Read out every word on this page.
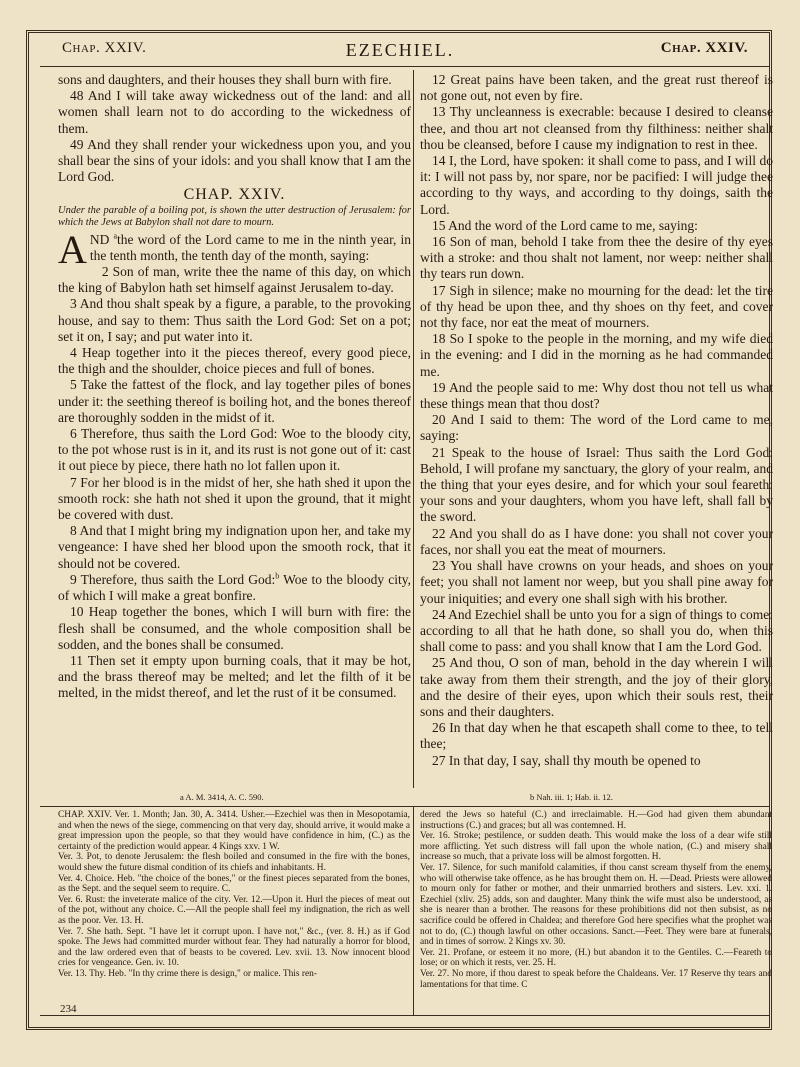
Chap. XXIV.	EZECHIEL.	Chap. XXIV.

sons and daughters, and their houses they shall burn with fire.

48 And I will take away wickedness out of the land: and all women shall learn not to do according to the wickedness of them.

49 And they shall render your wickedness upon you, and you shall bear the sins of your idols: and you shall know that I am the Lord God.

CHAP. XXIV.

Under the parable of a boiling pot, is shown the utter destruction of Jerusalem: for which the Jews at Babylon shall not dare to mourn.

AND $^a$the word of the Lord came to me in the ninth year, in the tenth month, the tenth day of the month, saying:

2 Son of man, write thee the name of this day, on which the king of Babylon hath set himself against Jerusalem to-day.

3 And thou shalt speak by a figure, a parable, to the provoking house, and say to them: Thus saith the Lord God: Set on a pot; set it on, I say; and put water into it.

4 Heap together into it the pieces thereof, every good piece, the thigh and the shoulder, choice pieces and full of bones.

5 Take the fattest of the flock, and lay together piles of bones under it: the seething thereof is boiling hot, and the bones thereof are thoroughly sodden in the midst of it.

6 Therefore, thus saith the Lord God: Woe to the bloody city, to the pot whose rust is in it, and its rust is not gone out of it: cast it out piece by piece, there hath no lot fallen upon it.

7 For her blood is in the midst of her, she hath shed it upon the smooth rock: she hath not shed it upon the ground, that it might be covered with dust.

8 And that I might bring my indignation upon her, and take my vengeance: I have shed her blood upon the smooth rock, that it should not be covered.

9 Therefore, thus saith the Lord God:$^b$ Woe to the bloody city, of which I will make a great bonfire.

10 Heap together the bones, which I will burn with fire: the flesh shall be consumed, and the whole composition shall be sodden, and the bones shall be consumed.

11 Then set it empty upon burning coals, that it may be hot, and the brass thereof may be melted; and let the filth of it be melted, in the midst thereof, and let the rust of it be consumed.

12 Great pains have been taken, and the great rust thereof is not gone out, not even by fire.

13 Thy uncleanness is execrable: because I desired to cleanse thee, and thou art not cleansed from thy filthiness: neither shalt thou be cleansed, before I cause my indignation to rest in thee.

14 I, the Lord, have spoken: it shall come to pass, and I will do it: I will not pass by, nor spare, nor be pacified: I will judge thee according to thy ways, and according to thy doings, saith the Lord.

15 And the word of the Lord came to me, saying:

16 Son of man, behold I take from thee the desire of thy eyes with a stroke: and thou shalt not lament, nor weep: neither shall thy tears run down.

17 Sigh in silence; make no mourning for the dead: let the tire of thy head be upon thee, and thy shoes on thy feet, and cover not thy face, nor eat the meat of mourners.

18 So I spoke to the people in the morning, and my wife died in the evening: and I did in the morning as he had commanded me.

19 And the people said to me: Why dost thou not tell us what these things mean that thou dost?

20 And I said to them: The word of the Lord came to me, saying:

21 Speak to the house of Israel: Thus saith the Lord God: Behold, I will profane my sanctuary, the glory of your realm, and the thing that your eyes desire, and for which your soul feareth: your sons and your daughters, whom you have left, shall fall by the sword.

22 And you shall do as I have done: you shall not cover your faces, nor shall you eat the meat of mourners.

23 You shall have crowns on your heads, and shoes on your feet; you shall not lament nor weep, but you shall pine away for your iniquities; and every one shall sigh with his brother.

24 And Ezechiel shall be unto you for a sign of things to come: according to all that he hath done, so shall you do, when this shall come to pass: and you shall know that I am the Lord God.

25 And thou, O son of man, behold in the day wherein I will take away from them their strength, and the joy of their glory, and the desire of their eyes, upon which their souls rest, their sons and their daughters.

26 In that day when he that escapeth shall come to thee, to tell thee;

27 In that day, I say, shall thy mouth be opened to

a A. M. 3414, A. C. 590.	b Nah. iii. 1; Hab. ii. 12.

CHAP. XXIV. Ver. 1. Month; Jan. 30, A. 3414. Usher.—Ezechiel was then in Mesopotamia, and when the news of the siege, commencing on that very day, should arrive, it would make a great impression upon the people, so that they would have confidence in him, (C.) as the certainty of the prediction would appear. 4 Kings xxv. 1 W.

Ver. 3. Pot, to denote Jerusalem: the flesh boiled and consumed in the fire with the bones, would shew the future dismal condition of its chiefs and inhabitants. H.

Ver. 4. Choice. Heb. "the choice of the bones," or the finest pieces separated from the bones, as the Sept. and the sequel seem to require. C.

Ver. 6. Rust: the inveterate malice of the city. Ver. 12.—Upon it. Hurl the pieces of meat out of the pot, without any choice. C.—All the people shall feel my indignation, the rich as well as the poor. Ver. 13. H.

Ver. 7. She hath. Sept. "I have let it corrupt upon. I have not," &c., (ver. 8. H.) as if God spoke. The Jews had committed murder without fear. They had naturally a horror for blood, and the law ordered even that of beasts to be covered. Lev. xvii. 13. Now innocent blood cries for vengeance. Gen. iv. 10.

Ver. 13. Thy. Heb. "In thy crime there is design," or malice. This ren-

dered the Jews so hateful (C.) and irreclaimable. H.—God had given them abundant instructions (C.) and graces; but all was contemned. H.

Ver. 16. Stroke; pestilence, or sudden death. This would make the loss of a dear wife still more afflicting. Yet such distress will fall upon the whole nation, (C.) and misery shall increase so much, that a private loss will be almost forgotten. H.

Ver. 17. Silence, for such manifold calamities, if thou canst scream thyself from the enemy, who will otherwise take offence, as he has brought them on. H. —Dead. Priests were allowed to mourn only for father or mother, and their unmarried brothers and sisters. Lev. xxi. 1. Ezechiel (xliv. 25) adds, son and daughter. Many think the wife must also be understood, as she is nearer than a brother. The reasons for these prohibitions did not then subsist, as no sacrifice could be offered in Chaldea; and therefore God here specifies what the prophet was not to do, (C.) though lawful on other occasions. Sanct.—Feet. They were bare at funerals, and in times of sorrow. 2 Kings xv. 30.

Ver. 21. Profane, or esteem it no more, (H.) but abandon it to the Gentiles. C.—Feareth to lose; or on which it rests, ver. 25. H.

Ver. 27. No more, if thou darest to speak before the Chaldeans. Ver. 17 Reserve thy tears and lamentations for that time. C

234
